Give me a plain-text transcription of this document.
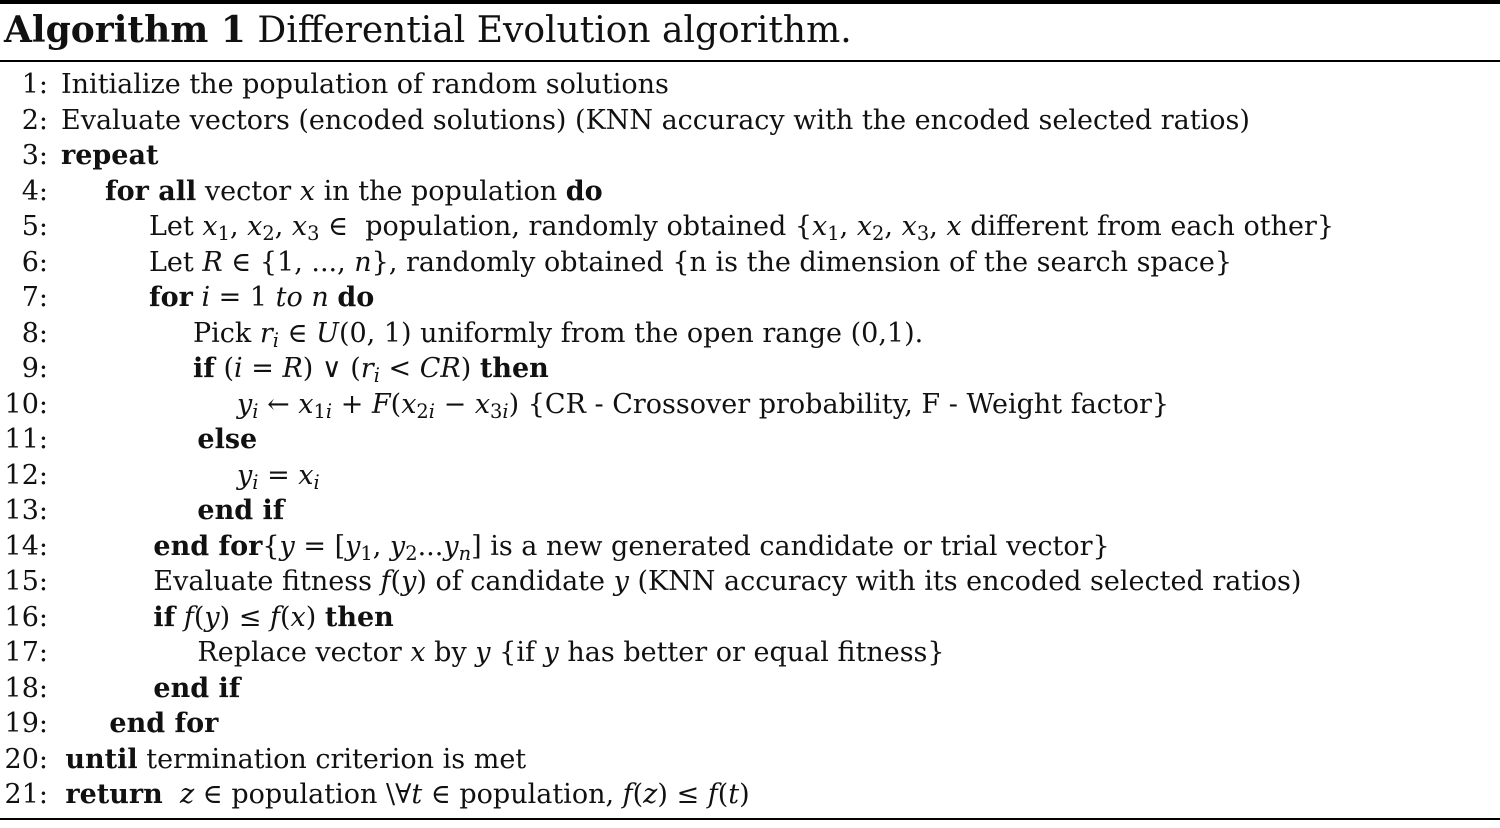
Algorithm 1 Differential Evolution algorithm.
1: Initialize the population of random solutions
2: Evaluate vectors (encoded solutions) (KNN accuracy with the encoded selected ratios)
3: repeat
4: for all vector x in the population do
5:	Let $x_1$, $x_2$, $x_3$ ∈  population, randomly obtained {$x_1$, $x_2$, $x_3$, x different from each other}
6:	Let R ∈ {1, ..., n}, randomly obtained {n is the dimension of the search space}
7:	for i = 1 to n do
8:	Pick $r_i$ ∈ U(0, 1) uniformly from the open range (0,1).
9:	if (i = R) ∨ $(r_i < CR)$ then
10:	$y_i$ ← $x_{1i} + F(x_{2i} - x_{3i})$ {CR - Crossover probability, F - Weight factor}
11:	else
12:	$y_i = x_i$
13:	end if
14:	end $for\{y = [y_1$, $y_2...y_n$] is a new generated candidate or trial vector}
15:	Evaluate fitness f(y) of candidate y (KNN accuracy with its encoded selected ratios)
16:	if f(y) ≤ f(x) then
17:	Replace vector x by y {if y has better or equal fitness}
18:	end if
19: end for
20: until termination criterion is met
21: return z ∈ population \∀t ∈ population, f(z) ≤ f(t)
